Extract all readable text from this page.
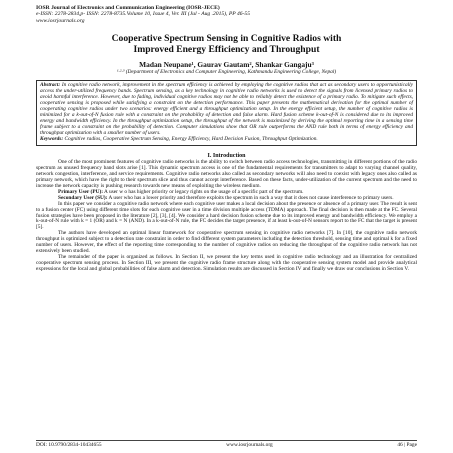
IOSR Journal of Electronics and Communication Engineering (IOSR-JECE)
e-ISSN: 2278-2834,p- ISSN: 2278-8735.Volume 10, Issue 4, Ver. III (Jul - Aug .2015), PP 46-55
www.iosrjournals.org
Cooperative Spectrum Sensing in Cognitive Radios with
Improved Energy Efficiency and Throughput
Madan Neupane¹, Gaurav Gautam², Shankar Gangaju³
¹·²·³ (Department of Electronics and Computer Engineering, Kathmandu Engineering College, Nepal)
Abstract: In cognitive radio network, improvement in the spectrum efficiency is achieved by employing the cognitive radios that act as secondary users to opportunistically access the under-utilized frequency bands. Spectrum sensing, as a key technology in cognitive radio networks is used to detect the signals from licensed primary radios to avoid harmful interference. However, due to fading, individual cognitive radios may not be able to reliably detect the existence of a primary radio. To mitigate such effects, cooperative sensing is proposed while satisfying a constraint on the detection performance. This paper presents the mathematical derivation for the optimal number of cooperating cognitive radios under two scenarios: energy efficient and a throughput optimization setup. In the energy efficient setup, the number of cognitive radios is minimized for a k-out-of-N fusion rule with a constraint on the probability of detection and false alarm. Hard fusion scheme k-out-of-N is considered due to its improved energy and bandwidth efficiency. In the throughput optimization setup, the throughput of the network is maximized by deriving the optimal reporting time in a sensing time frame subject to a constraint on the probability of detection. Computer simulations show that OR rule outperforms the AND rule both in terms of energy efficiency and throughput optimization with a smaller number of users.
Keywords: Cognitive radios, Cooperative Spectrum Sensing, Energy Efficiency, Hard Decision Fusion, Throughput Optimization.
I. Introduction

One of the most prominent features of cognitive radio networks is the ability to switch between radio access technologies, transmitting in different portions of the radio spectrum as unused frequency band slots arise [1]. This dynamic spectrum access is one of the fundamental requirements for transmitters to adapt to varying channel quality, network congestion, interference, and service requirements. Cognitive radio networks also called as secondary networks will also need to coexist with legacy ones also called as primary network, which have the right to their spectrum slice and thus cannot accept interference. Based on these facts, under-utilization of the current spectrum and the need to increase the network capacity is pushing research towards new means of exploiting the wireless medium.

Primary User (PU): A user w o has higher priority or legacy rights on the usage of a specific part of the spectrum.

Secondary User (SU): A user who has a lower priority and therefore exploits the spectrum in such a way that it does not cause interference to primary users.

In this paper we consider a cognitive radio network where each cognitive user makes a local decision about the presence or absence of a primary user. The result is sent to a fusion center (FC) using different time slots for each cognitive user in a time division multiple access (TDMA) approach. The final decision is then made at the FC. Several fusion strategies have been proposed in the literature [2], [3], [4]. We consider a hard decision fusion scheme due to its improved energy and bandwidth efficiency. We employ a k-out-of-N rule with k = 1 (OR) and k = N (AND). In a k-out-of-N rule, the FC decides the target presence, if at least k-out-of-N sensors report to the FC that the target is present [5].

The authors have developed an optimal linear framework for cooperative spectrum sensing in cognitive radio networks [7]. In [10], the cognitive radio network throughput is optimized subject to a detection rate constraint in order to find different system parameters including the detection threshold, sensing time and optimal k for a fixed number of users. However, the effect of the reporting time corresponding to the number of cognitive radios on reducing the throughput of the cognitive radio network has not extensively been studied.

The remainder of the paper is organized as follows. In Section II, we present the key terms used in cognitive radio technology and an illustration for centralized cooperative spectrum sensing process. In Section III, we present the cognitive radio frame structure along with the cooperative sensing system model and provide analytical expressions for the local and global probabilities of false alarm and detection. Simulation results are discussed in Section IV and finally we draw our conclusions in Section V.

DOI: 10.9790/2834-10434655	www.iosrjournals.org	46 | Page
